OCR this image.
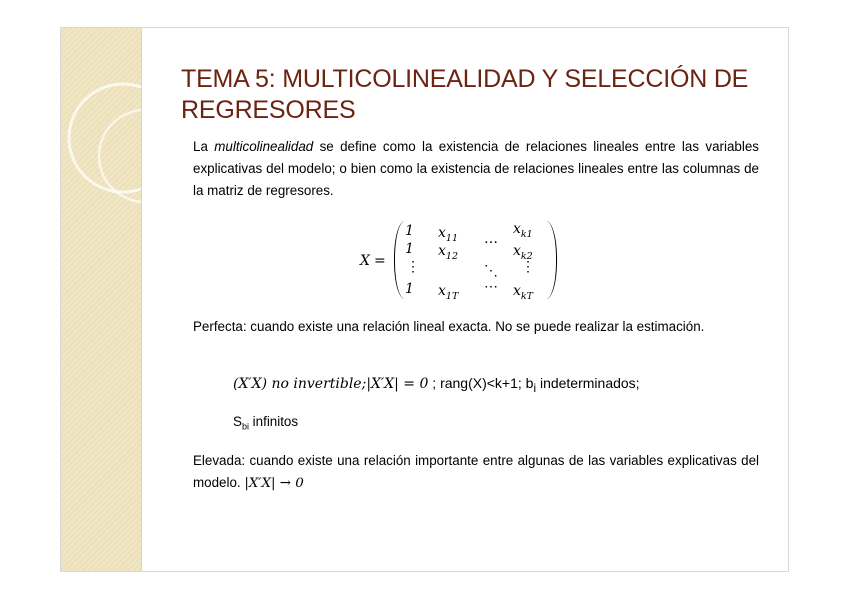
TEMA 5: MULTICOLINEALIDAD Y SELECCIÓN DE REGRESORES

La multicolinealidad se define como la existencia de relaciones lineales entre las variables explicativas del modelo; o bien como la existencia de relaciones lineales entre las columnas de la matriz de regresores.

X =
1 $x_{11}$ …
$x_{k1}$
1 $x_{12}$	$x_{k2}$
⋮	⋱ ⋮
1 $x_{1T}$
⋯ $x_{kT}$

Perfecta: cuando existe una relación lineal exacta. No se puede realizar la estimación.

(X′X) no invertible;|X′X| = 0 ; rang(X)<k+1; $b_i$ indeterminados;
$S_{bi}$ infinitos

Elevada: cuando existe una relación importante entre algunas de las variables explicativas del modelo. |X′X| → 0
